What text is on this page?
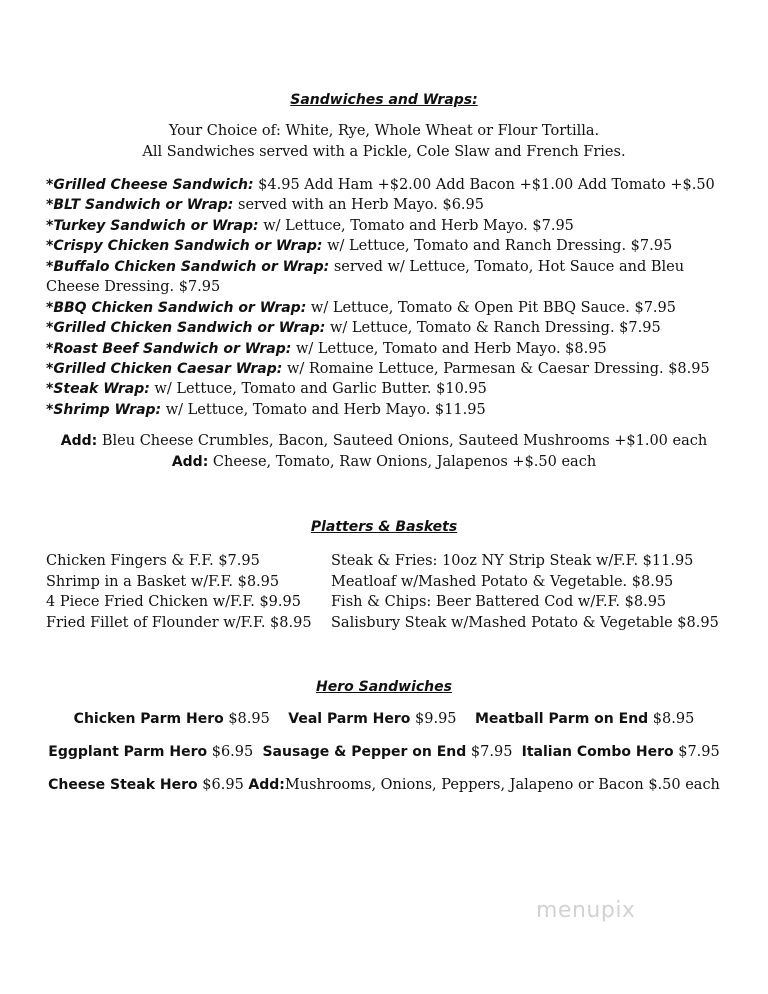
Sandwiches and Wraps:
Your Choice of: White, Rye, Whole Wheat or Flour Tortilla.
All Sandwiches served with a Pickle, Cole Slaw and French Fries.
*Grilled Cheese Sandwich: $4.95 Add Ham +$2.00 Add Bacon +$1.00 Add Tomato +$.50
*BLT Sandwich or Wrap: served with an Herb Mayo. $6.95
*Turkey Sandwich or Wrap: w/ Lettuce, Tomato and Herb Mayo. $7.95
*Crispy Chicken Sandwich or Wrap: w/ Lettuce, Tomato and Ranch Dressing. $7.95
*Buffalo Chicken Sandwich or Wrap: served w/ Lettuce, Tomato, Hot Sauce and Bleu
Cheese Dressing. $7.95
*BBQ Chicken Sandwich or Wrap: w/ Lettuce, Tomato & Open Pit BBQ Sauce. $7.95
*Grilled Chicken Sandwich or Wrap: w/ Lettuce, Tomato & Ranch Dressing. $7.95
*Roast Beef Sandwich or Wrap: w/ Lettuce, Tomato and Herb Mayo. $8.95
*Grilled Chicken Caesar Wrap: w/ Romaine Lettuce, Parmesan & Caesar Dressing. $8.95
*Steak Wrap: w/ Lettuce, Tomato and Garlic Butter. $10.95
*Shrimp Wrap: w/ Lettuce, Tomato and Herb Mayo. $11.95
Add: Bleu Cheese Crumbles, Bacon, Sauteed Onions, Sauteed Mushrooms +$1.00 each
Add: Cheese, Tomato, Raw Onions, Jalapenos +$.50 each
Platters & Baskets
Chicken Fingers & F.F. $7.95
Shrimp in a Basket w/F.F. $8.95
4 Piece Fried Chicken w/F.F. $9.95
Fried Fillet of Flounder w/F.F. $8.95
Steak & Fries: 10oz NY Strip Steak w/F.F. $11.95
Meatloaf w/Mashed Potato & Vegetable. $8.95
Fish & Chips: Beer Battered Cod w/F.F. $8.95
Salisbury Steak w/Mashed Potato & Vegetable $8.95
Hero Sandwiches
Chicken Parm Hero $8.95 Veal Parm Hero $9.95 Meatball Parm on End $8.95
Eggplant Parm Hero $6.95 Sausage & Pepper on End $7.95 Italian Combo Hero $7.95
Cheese Steak Hero $6.95 Add:Mushrooms, Onions, Peppers, Jalapeno or Bacon $.50 each
menupix
